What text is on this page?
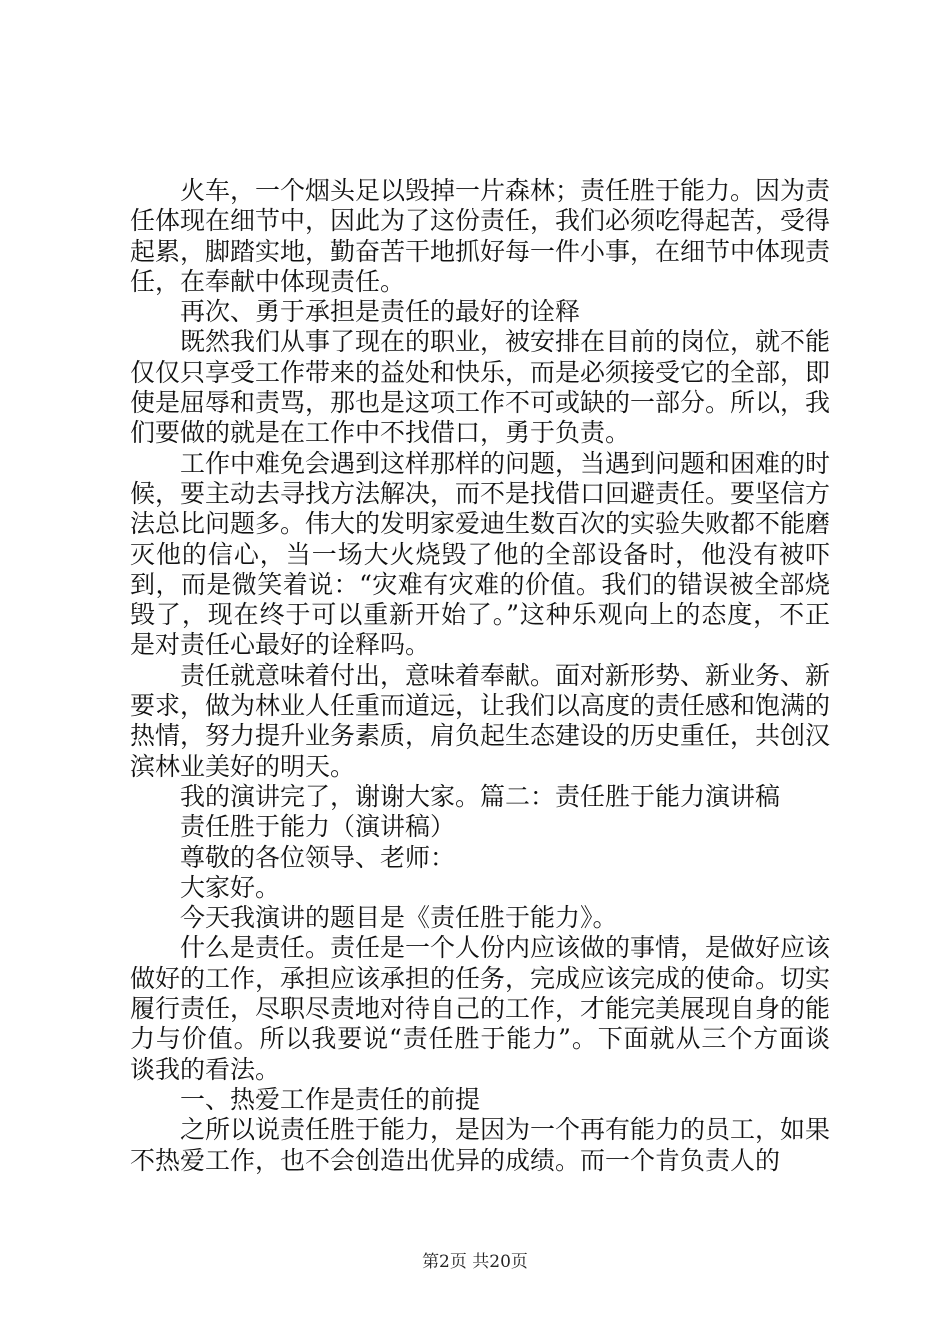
火车，一个烟头足以毁掉一片森林；责任胜于能力。因为责任体现在细节中，因此为了这份责任，我们必须吃得起苦，受得起累，脚踏实地，勤奋苦干地抓好每一件小事，在细节中体现责任，在奉献中体现责任。

再次、勇于承担是责任的最好的诠释

既然我们从事了现在的职业，被安排在目前的岗位，就不能仅仅只享受工作带来的益处和快乐，而是必须接受它的全部，即使是屈辱和责骂，那也是这项工作不可或缺的一部分。所以，我们要做的就是在工作中不找借口，勇于负责。

工作中难免会遇到这样那样的问题，当遇到问题和困难的时候，要主动去寻找方法解决，而不是找借口回避责任。要坚信方法总比问题多。伟大的发明家爱迪生数百次的实验失败都不能磨灭他的信心，当一场大火烧毁了他的全部设备时，他没有被吓到，而是微笑着说：“灾难有灾难的价值。我们的错误被全部烧毁了，现在终于可以重新开始了。”这种乐观向上的态度，不正是对责任心最好的诠释吗。

责任就意味着付出，意味着奉献。面对新形势、新业务、新要求，做为林业人任重而道远，让我们以高度的责任感和饱满的热情，努力提升业务素质，肩负起生态建设的历史重任，共创汉滨林业美好的明天。

我的演讲完了，谢谢大家。篇二：责任胜于能力演讲稿

责任胜于能力（演讲稿）

尊敬的各位领导、老师：

大家好。

今天我演讲的题目是《责任胜于能力》。

什么是责任。责任是一个人份内应该做的事情，是做好应该做好的工作，承担应该承担的任务，完成应该完成的使命。切实履行责任，尽职尽责地对待自己的工作，才能完美展现自身的能力与价值。所以我要说“责任胜于能力”。下面就从三个方面谈谈我的看法。

一、热爱工作是责任的前提

之所以说责任胜于能力，是因为一个再有能力的员工，如果不热爱工作，也不会创造出优异的成绩。而一个肯负责人的

第2页 共20页
